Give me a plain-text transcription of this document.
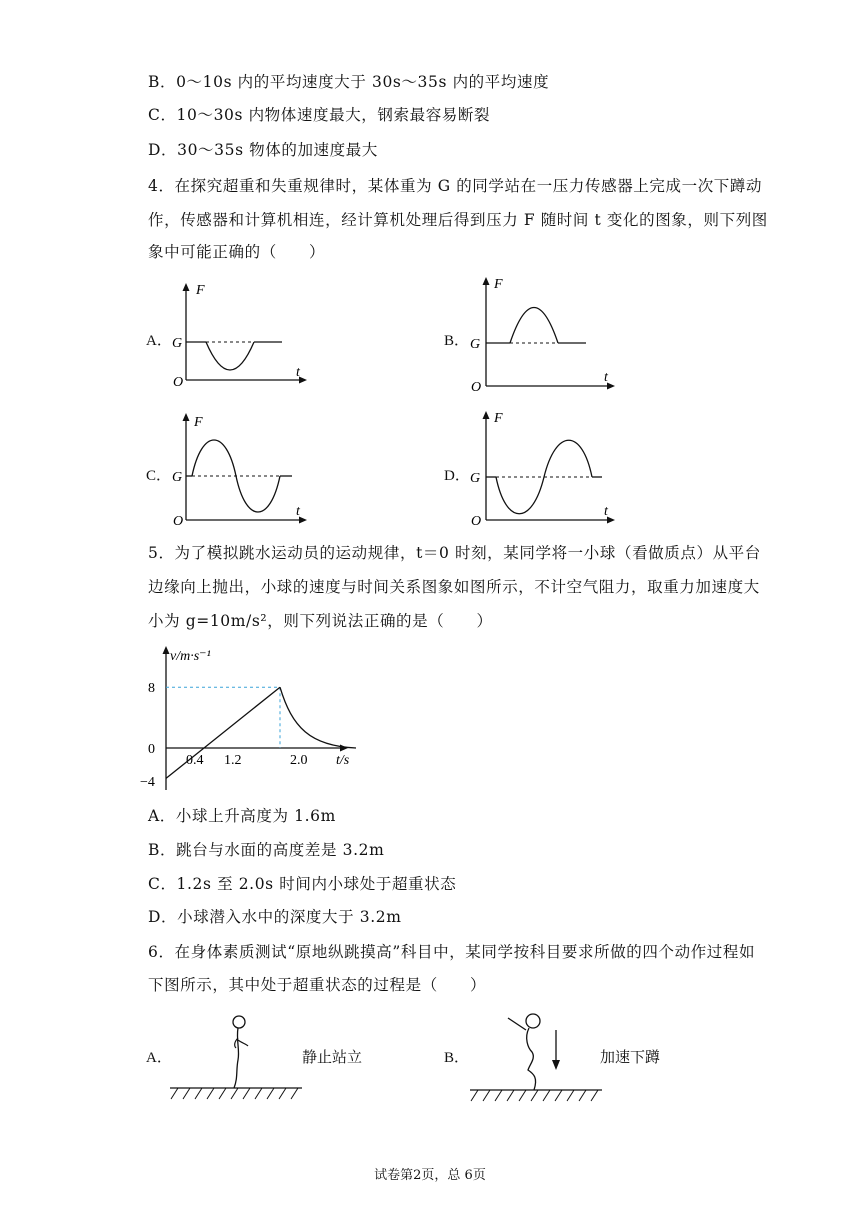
B．0～10s 内的平均速度大于 30s～35s 内的平均速度
C．10～30s 内物体速度最大，钢索最容易断裂
D．30～35s 物体的加速度最大
4．在探究超重和失重规律时，某体重为 G 的同学站在一压力传感器上完成一次下蹲动
作，传感器和计算机相连，经计算机处理后得到压力 F 随时间 t 变化的图象，则下列图
象中可能正确的（　　）
A．
F
G
O
t
B．
F
G
O
t
C．
F
G
O
t
D．
F
G
O
t
5．为了模拟跳水运动员的运动规律，t＝0 时刻，某同学将一小球（看做质点）从平台
边缘向上抛出，小球的速度与时间关系图象如图所示，不计空气阻力，取重力加速度大
小为 g=10m/s²，则下列说法正确的是（　　）
v/m·s⁻¹
t/s
8
0
−4
0.4 1.2	2.0
A．小球上升高度为 1.6m
B．跳台与水面的高度差是 3.2m
C．1.2s 至 2.0s 时间内小球处于超重状态
D．小球潜入水中的深度大于 3.2m
6．在身体素质测试“原地纵跳摸高”科目中，某同学按科目要求所做的四个动作过程如
下图所示，其中处于超重状态的过程是（　　）
A．	静止站立	B．	加速下蹲
试卷第2页，总 6页
